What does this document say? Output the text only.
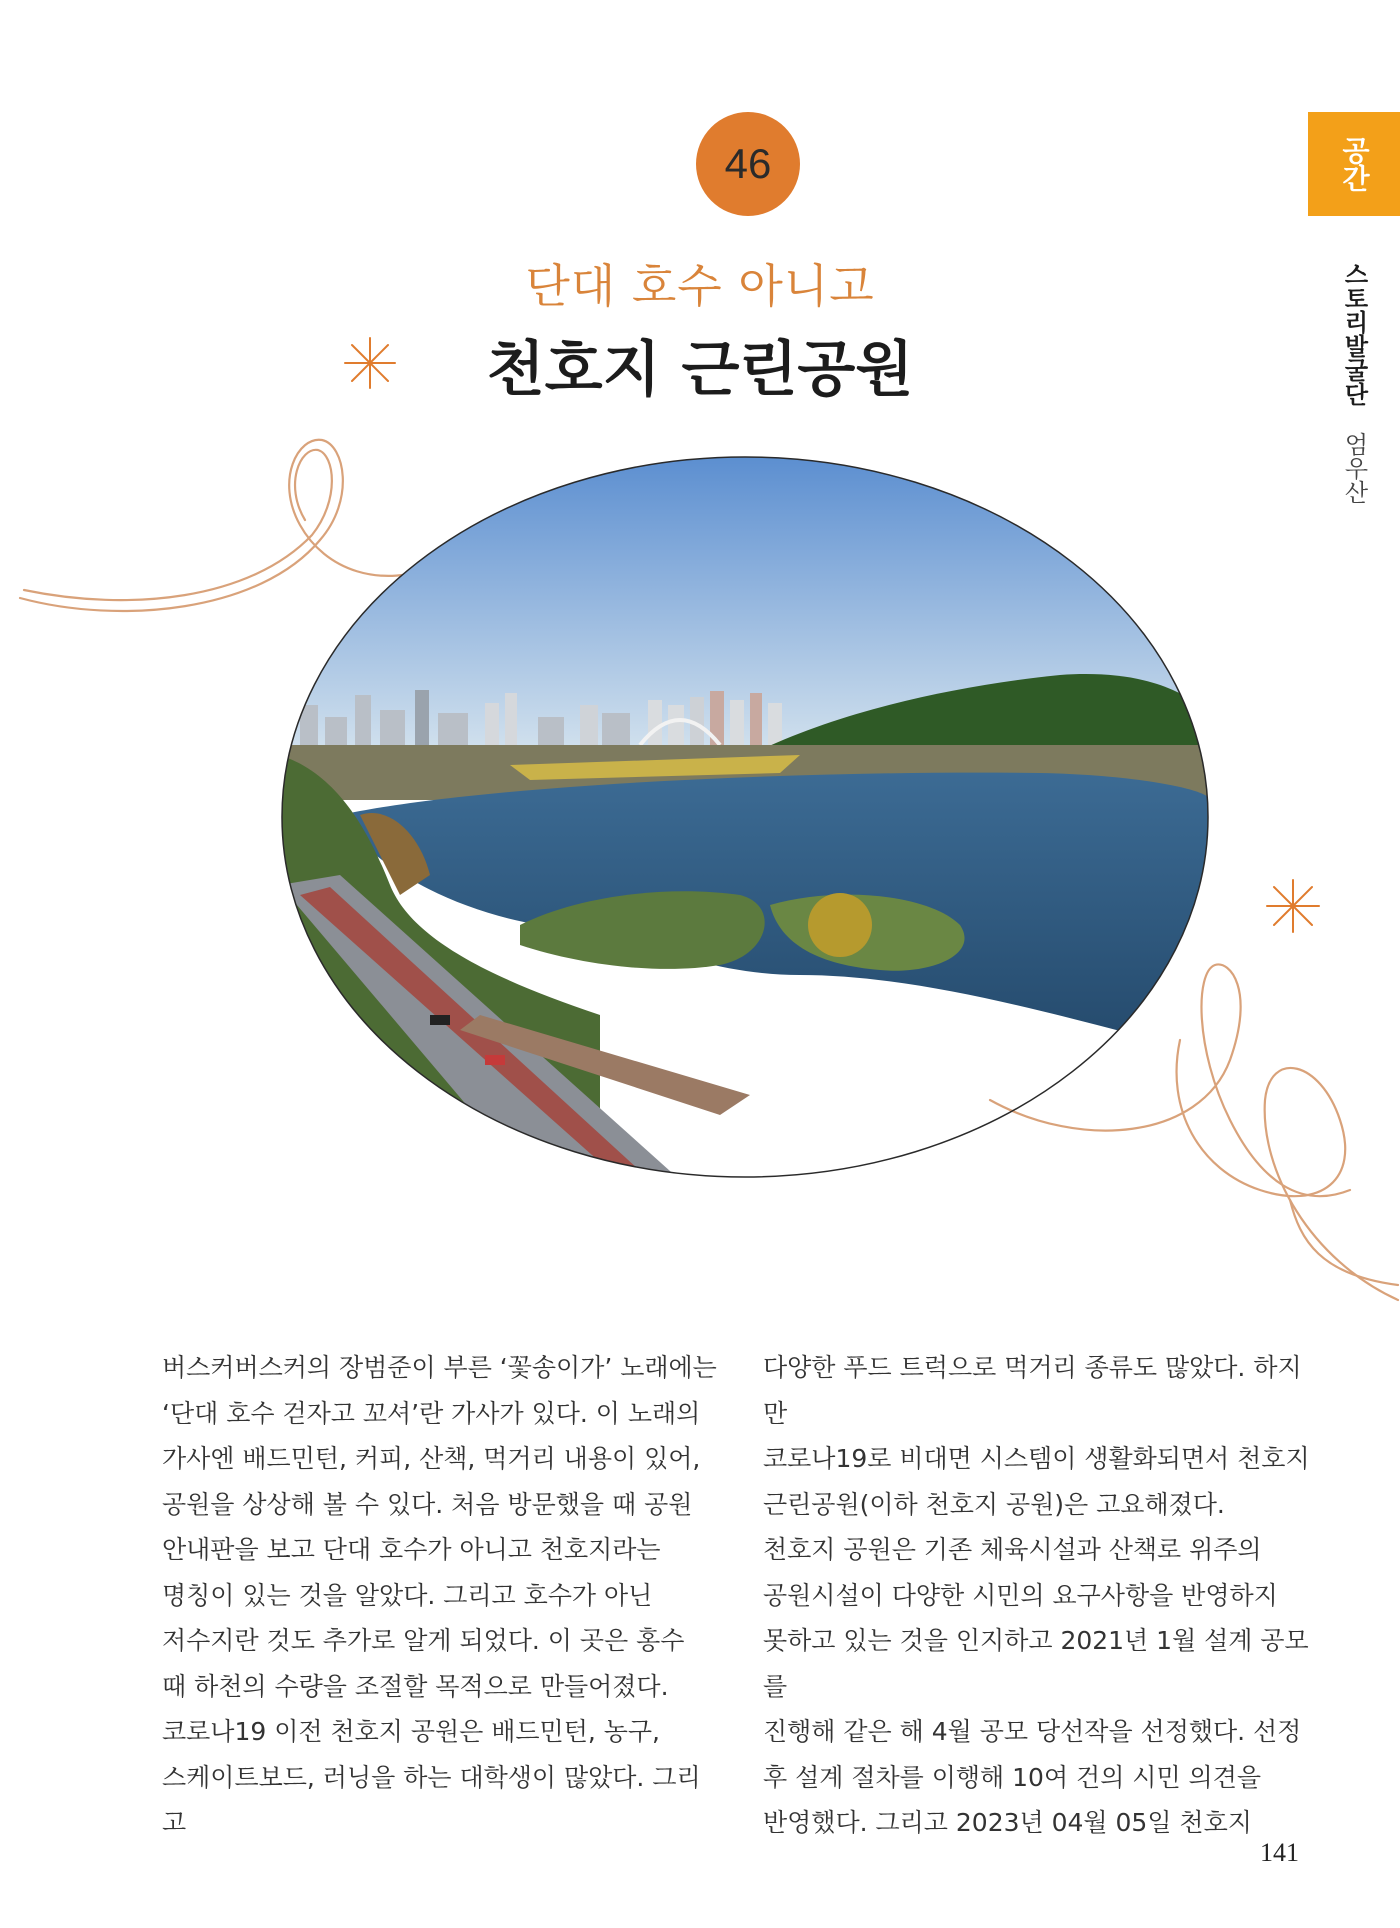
46
단대 호수 아니고
천호지 근린공원
공간
스토리발굴단 엄우산
버스커버스커의 장범준이 부른 ‘꽃송이가’ 노래에는
‘단대 호수 걷자고 꼬셔’란 가사가 있다. 이 노래의
가사엔 배드민턴, 커피, 산책, 먹거리 내용이 있어,
공원을 상상해 볼 수 있다. 처음 방문했을 때 공원
안내판을 보고 단대 호수가 아니고 천호지라는
명칭이 있는 것을 알았다. 그리고 호수가 아닌
저수지란 것도 추가로 알게 되었다. 이 곳은 홍수
때 하천의 수량을 조절할 목적으로 만들어졌다.
코로나19 이전 천호지 공원은 배드민턴, 농구,
스케이트보드, 러닝을 하는 대학생이 많았다. 그리고
다양한 푸드 트럭으로 먹거리 종류도 많았다. 하지만
코로나19로 비대면 시스템이 생활화되면서 천호지
근린공원(이하 천호지 공원)은 고요해졌다.
천호지 공원은 기존 체육시설과 산책로 위주의
공원시설이 다양한 시민의 요구사항을 반영하지
못하고 있는 것을 인지하고 2021년 1월 설계 공모를
진행해 같은 해 4월 공모 당선작을 선정했다. 선정
후 설계 절차를 이행해 10여 건의 시민 의견을
반영했다. 그리고 2023년 04월 05일 천호지
141
